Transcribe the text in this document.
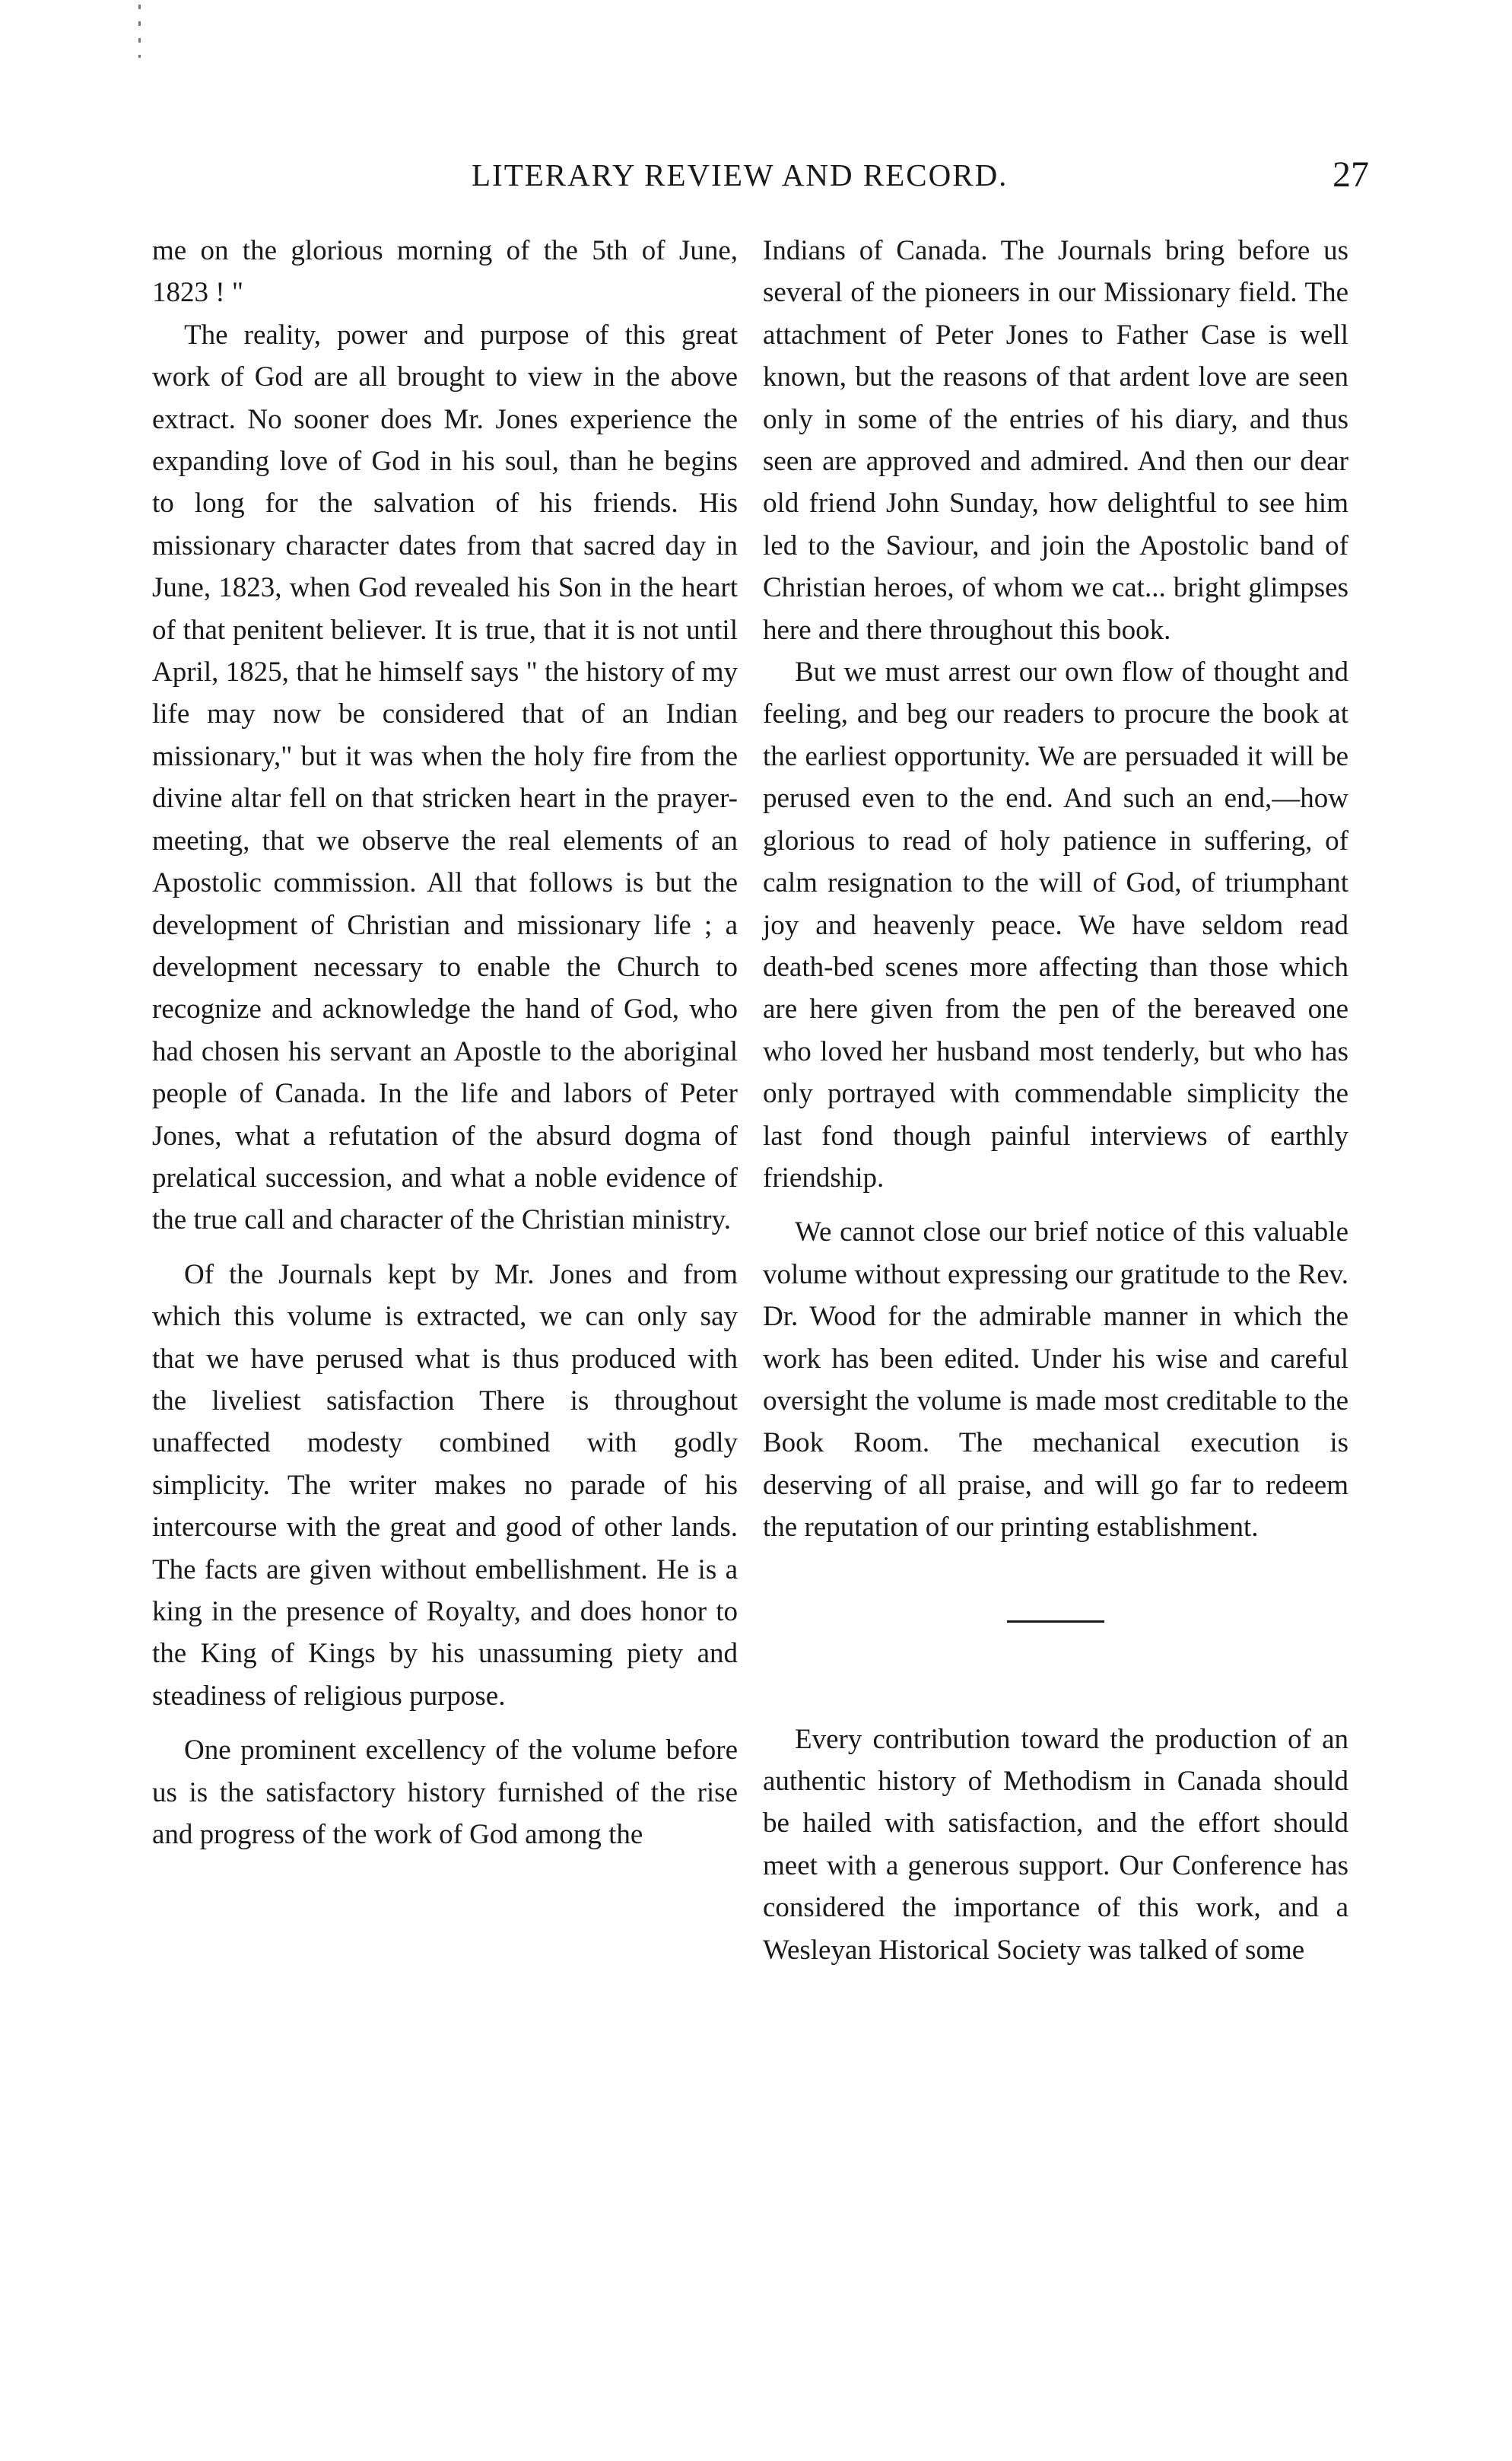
LITERARY REVIEW AND RECORD.	27

me on the glorious morning of the 5th of June, 1823 ! "

The reality, power and purpose of this great work of God are all brought to view in the above extract. No sooner does Mr. Jones experience the expanding love of God in his soul, than he begins to long for the salvation of his friends. His missionary character dates from that sacred day in June, 1823, when God revealed his Son in the heart of that penitent believer. It is true, that it is not until April, 1825, that he himself says " the history of my life may now be considered that of an Indian missionary," but it was when the holy fire from the divine altar fell on that stricken heart in the prayer-meeting, that we observe the real elements of an Apostolic commission. All that follows is but the development of Christian and missionary life ; a development necessary to enable the Church to recognize and acknowledge the hand of God, who had chosen his servant an Apostle to the aboriginal people of Canada. In the life and labors of Peter Jones, what a refutation of the absurd dogma of prelatical succession, and what a noble evidence of the true call and character of the Christian ministry.

Of the Journals kept by Mr. Jones and from which this volume is extracted, we can only say that we have perused what is thus produced with the liveliest satisfaction There is throughout unaffected modesty combined with godly simplicity. The writer makes no parade of his intercourse with the great and good of other lands. The facts are given without embellishment. He is a king in the presence of Royalty, and does honor to the King of Kings by his unassuming piety and steadiness of religious purpose.

One prominent excellency of the volume before us is the satisfactory history furnished of the rise and progress of the work of God among the

Indians of Canada. The Journals bring before us several of the pioneers in our Missionary field. The attachment of Peter Jones to Father Case is well known, but the reasons of that ardent love are seen only in some of the entries of his diary, and thus seen are approved and admired. And then our dear old friend John Sunday, how delightful to see him led to the Saviour, and join the Apostolic band of Christian heroes, of whom we cat... bright glimpses here and there throughout this book.

But we must arrest our own flow of thought and feeling, and beg our readers to procure the book at the earliest opportunity. We are persuaded it will be perused even to the end. And such an end,—how glorious to read of holy patience in suffering, of calm resignation to the will of God, of triumphant joy and heavenly peace. We have seldom read death-bed scenes more affecting than those which are here given from the pen of the bereaved one who loved her husband most tenderly, but who has only portrayed with commendable simplicity the last fond though painful interviews of earthly friendship.

We cannot close our brief notice of this valuable volume without expressing our gratitude to the Rev. Dr. Wood for the admirable manner in which the work has been edited. Under his wise and careful oversight the volume is made most creditable to the Book Room. The mechanical execution is deserving of all praise, and will go far to redeem the reputation of our printing establishment.

Every contribution toward the production of an authentic history of Methodism in Canada should be hailed with satisfaction, and the effort should meet with a generous support. Our Conference has considered the importance of this work, and a Wesleyan Historical Society was talked of some
